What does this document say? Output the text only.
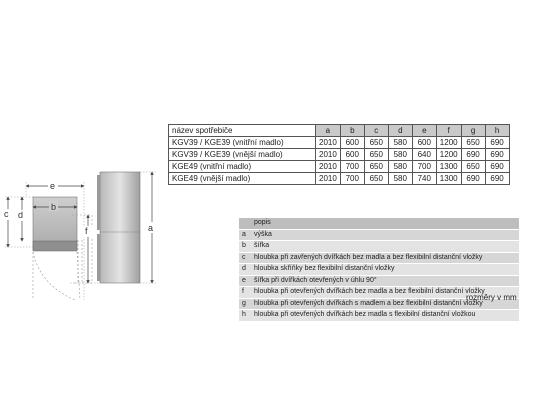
e
b
c d
a
f
název spotřebiče	a	b	c	d	e	f	g	h
KGV39 / KGE39 (vnitřní madlo)	2010	600	650	580	600	1200	650	690
KGV39 / KGE39 (vnější madlo)	2010	600	650	580	640	1200	690	690
KGE49 (vnitřní madlo)	2010	700	650	580	700	1300	650	690
KGE49 (vnější madlo)	2010	700	650	580	740	1300	690	690
popis
a	výška
b	šířka
c	hloubka při zavřených dvířkách bez madla a bez flexibilní distanční vložky
d	hloubka skříňky bez flexibilní distanční vložky
e	šířka při dvířkách otevřených v úhlu 90°
f	hloubka při otevřených dvířkách bez madla a bez flexibilní distanční vložky
g	hloubka při otevřených dvířkách s madlem a bez flexibilní distanční vložky
h	hloubka při otevřených dvířkách bez madla s flexibilní distanční vložkou
rozměry v mm
